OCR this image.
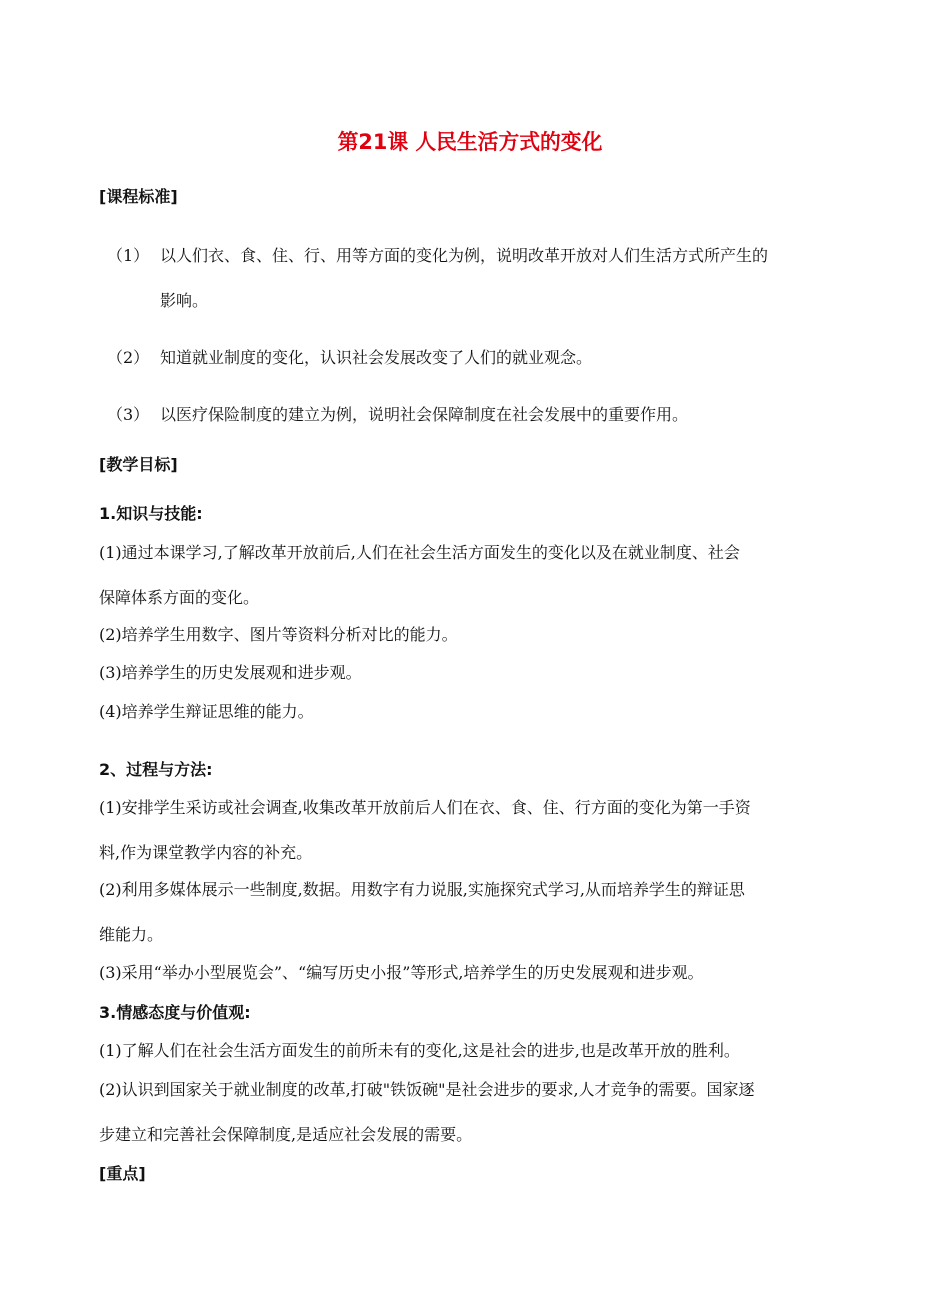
第21课 人民生活方式的变化
[课程标准]
（1） 以人们衣、食、住、行、用等方面的变化为例，说明改革开放对人们生活方式所产生的
影响。
（2） 知道就业制度的变化，认识社会发展改变了人们的就业观念。
（3） 以医疗保险制度的建立为例，说明社会保障制度在社会发展中的重要作用。
[教学目标]
1.知识与技能:
(1)通过本课学习,了解改革开放前后,人们在社会生活方面发生的变化以及在就业制度、社会
保障体系方面的变化。
(2)培养学生用数字、图片等资料分析对比的能力。
(3)培养学生的历史发展观和进步观。
(4)培养学生辩证思维的能力。
2、过程与方法:
(1)安排学生采访或社会调查,收集改革开放前后人们在衣、食、住、行方面的变化为第一手资
料,作为课堂教学内容的补充。
(2)利用多媒体展示一些制度,数据。用数字有力说服,实施探究式学习,从而培养学生的辩证思
维能力。
(3)采用“举办小型展览会”、“编写历史小报”等形式,培养学生的历史发展观和进步观。
3.情感态度与价值观:
(1)了解人们在社会生活方面发生的前所未有的变化,这是社会的进步,也是改革开放的胜利。
(2)认识到国家关于就业制度的改革,打破"铁饭碗"是社会进步的要求,人才竞争的需要。国家逐
步建立和完善社会保障制度,是适应社会发展的需要。
[重点]
